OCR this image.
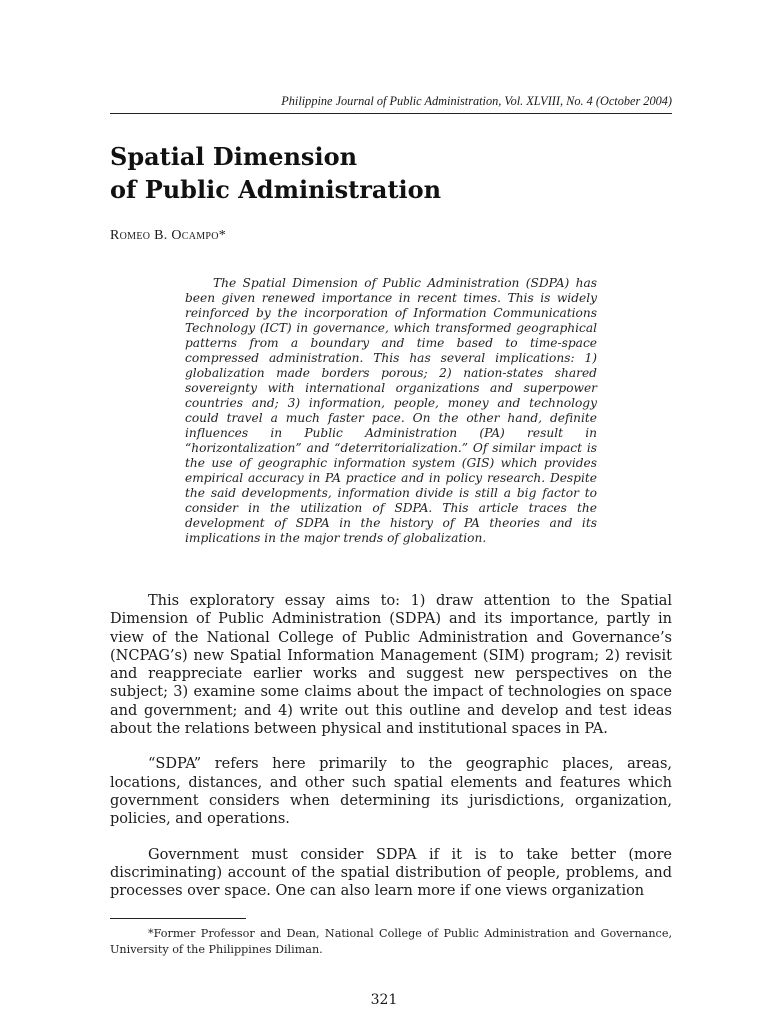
Philippine Journal of Public Administration, Vol. XLVIII, No. 4 (October 2004)
Spatial Dimension
of Public Administration
Romeo B. Ocampo*

The Spatial Dimension of Public Administration (SDPA) has been given renewed importance in recent times. This is widely reinforced by the incorporation of Information Communications Technology (ICT) in governance, which transformed geographical patterns from a boundary and time based to time-space compressed administration. This has several implications: 1) globalization made borders porous; 2) nation-states shared sovereignty with international organizations and superpower countries and; 3) information, people, money and technology could travel a much faster pace. On the other hand, definite influences in Public Administration (PA) result in “horizontalization” and “deterritorialization.” Of similar impact is the use of geographic information system (GIS) which provides empirical accuracy in PA practice and in policy research. Despite the said developments, information divide is still a big factor to consider in the utilization of SDPA. This article traces the development of SDPA in the history of PA theories and its implications in the major trends of globalization.

This exploratory essay aims to: 1) draw attention to the Spatial Dimension of Public Administration (SDPA) and its importance, partly in view of the National College of Public Administration and Governance’s (NCPAG’s) new Spatial Information Management (SIM) program; 2) revisit and reappreciate earlier works and suggest new perspectives on the subject; 3) examine some claims about the impact of technologies on space and government; and 4) write out this outline and develop and test ideas about the relations between physical and institutional spaces in PA.

“SDPA” refers here primarily to the geographic places, areas, locations, distances, and other such spatial elements and features which government considers when determining its jurisdictions, organization, policies, and operations.

Government must consider SDPA if it is to take better (more discriminating) account of the spatial distribution of people, problems, and processes over space. One can also learn more if one views organization

*Former Professor and Dean, National College of Public Administration and Governance, University of the Philippines Diliman.

321
